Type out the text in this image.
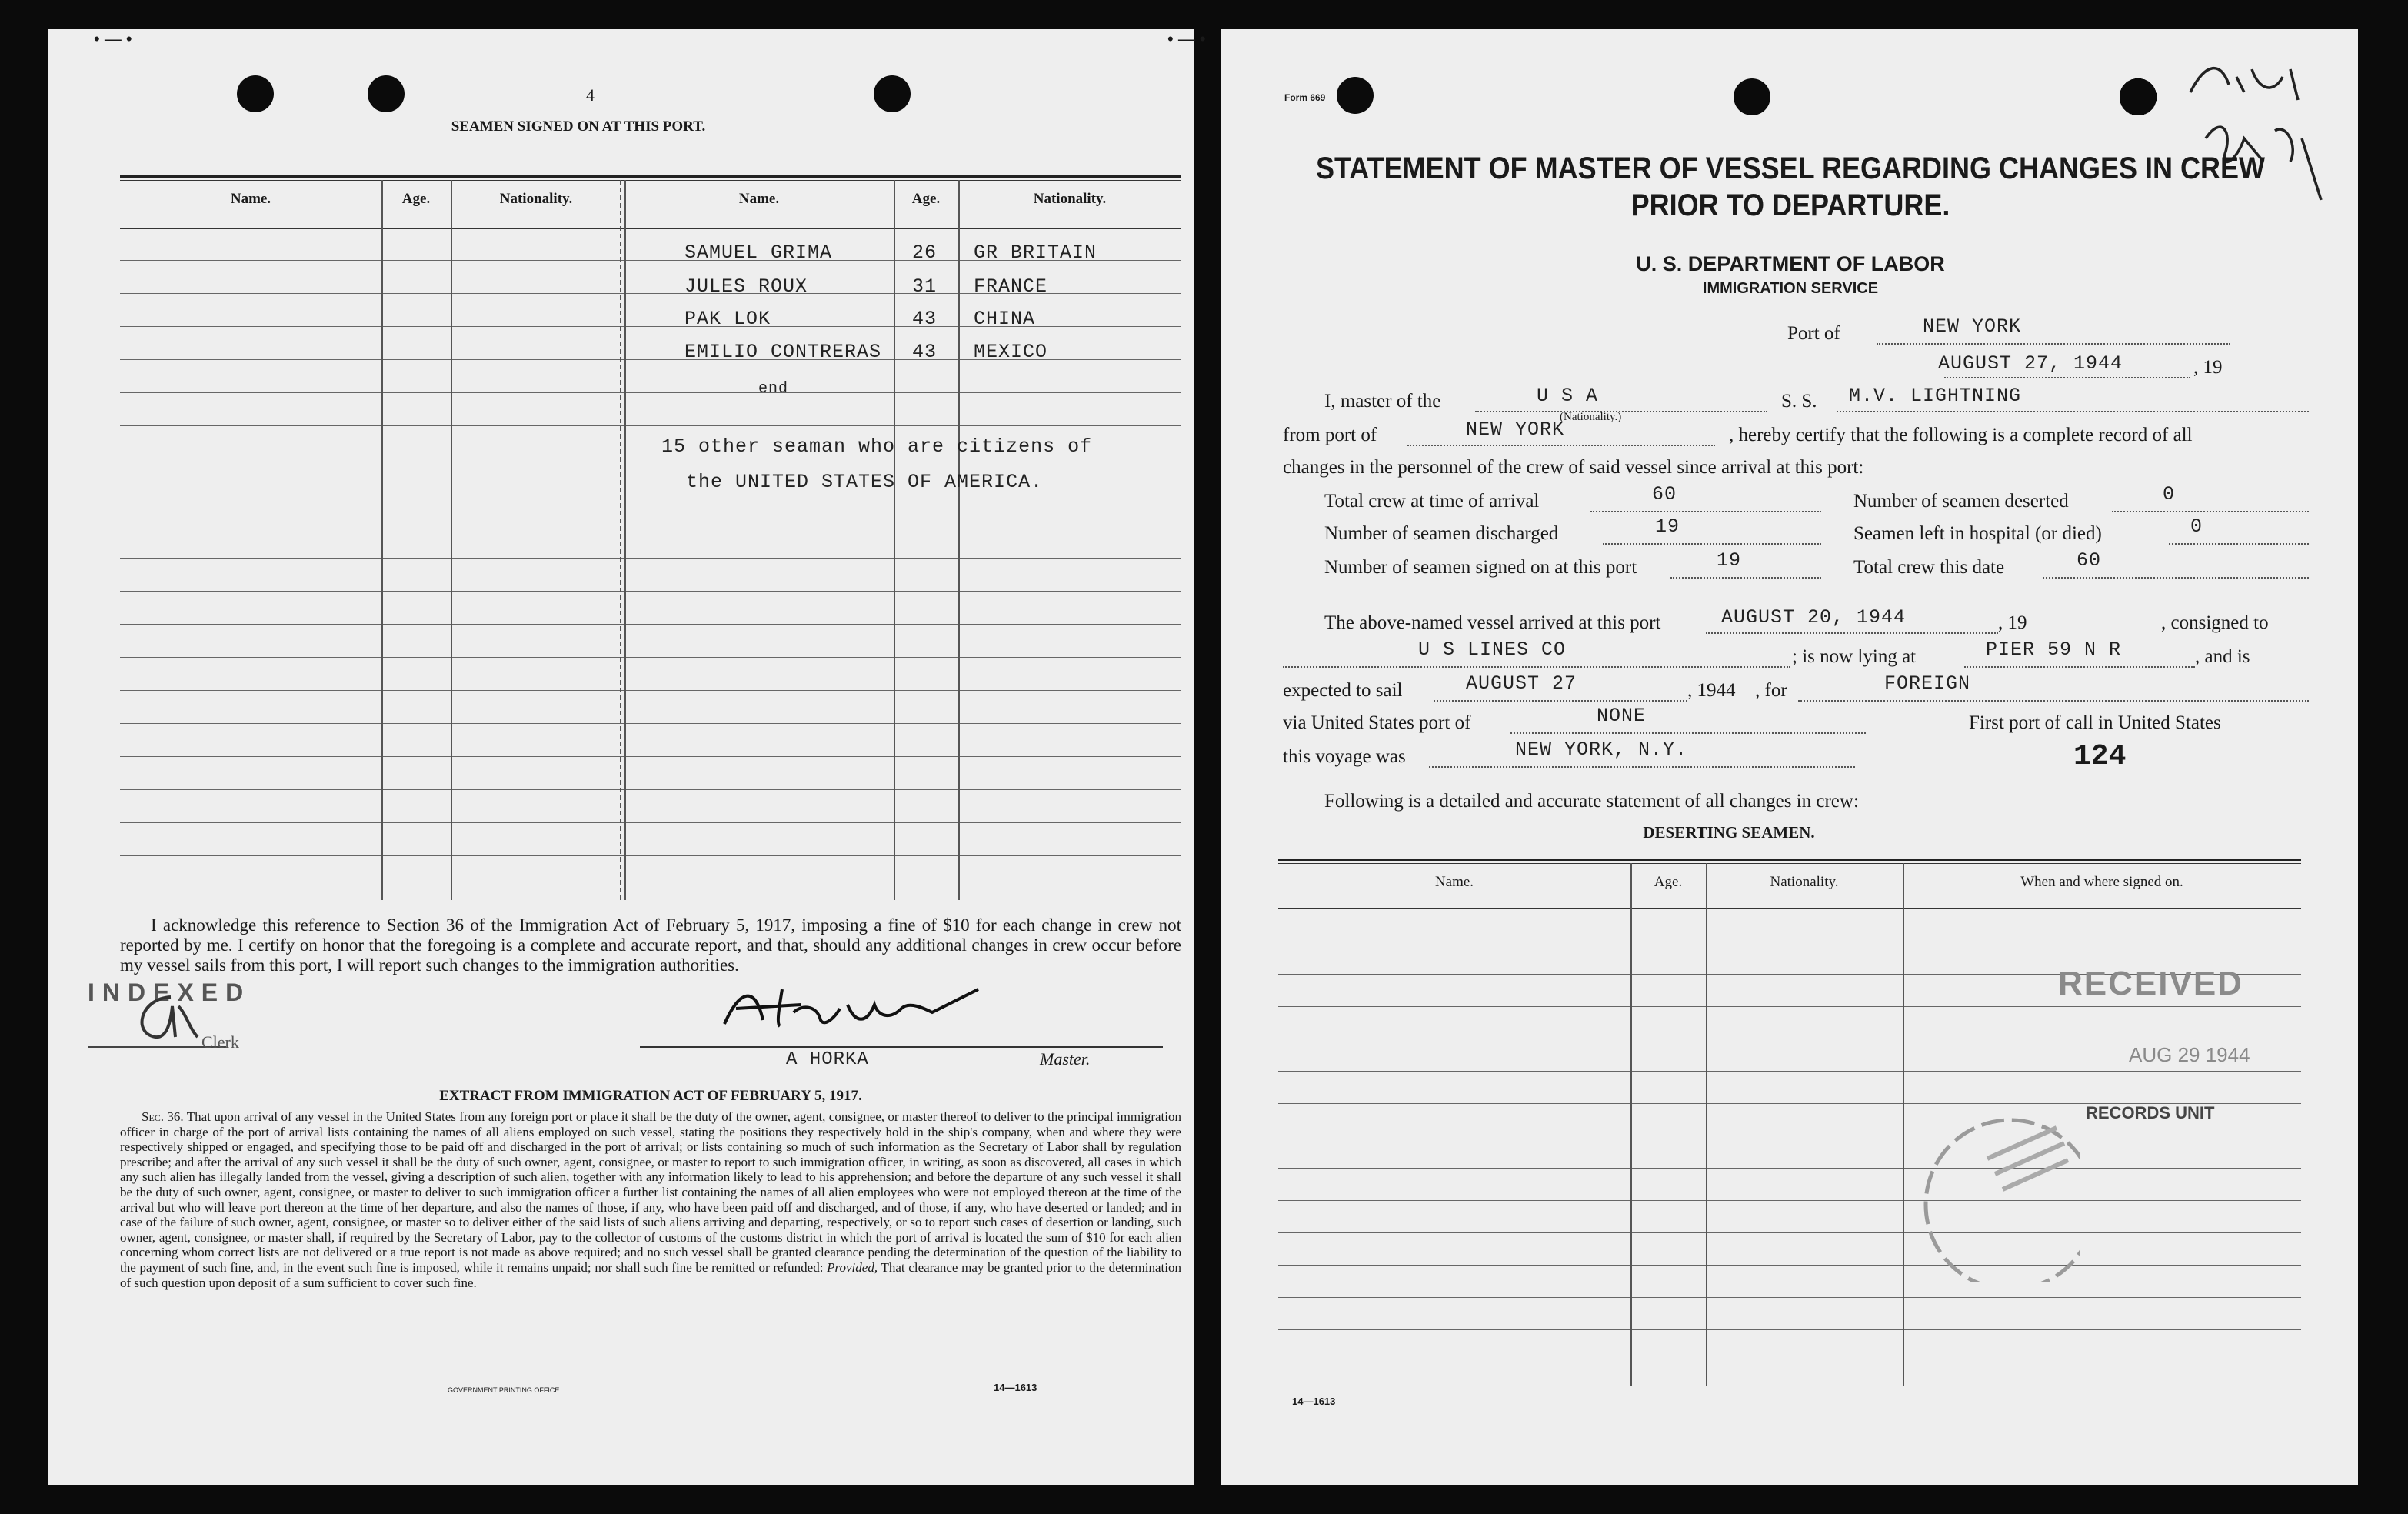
• — •
4
SEAMEN SIGNED ON AT THIS PORT.
Name.	Age.	Nationality.	Name.	Age.	Nationality.
SAMUEL GRIMA	26 GR BRITAIN
JULES ROUX	31 FRANCE
PAK LOK	43 CHINA
EMILIO CONTRERAS 43 MEXICO
end
15 other seaman who are citizens of
the UNITED STATES OF AMERICA.
I acknowledge this reference to Section 36 of the Immigration Act of February 5, 1917, imposing a fine of $10 for each change in crew not reported by me. I certify on honor that the foregoing is a complete and accurate report, and that, should any additional changes in crew occur before my vessel sails from this port, I will report such changes to the immigration authorities.
INDEXED
Clerk
A HORKA	Master.
EXTRACT FROM IMMIGRATION ACT OF FEBRUARY 5, 1917.
Sec. 36. That upon arrival of any vessel in the United States from any foreign port or place it shall be the duty of the owner, agent, consignee, or master thereof to deliver to the principal immigration officer in charge of the port of arrival lists containing the names of all aliens employed on such vessel, stating the positions they respectively hold in the ship's company, when and where they were respectively shipped or engaged, and specifying those to be paid off and discharged in the port of arrival; or lists containing so much of such information as the Secretary of Labor shall by regulation prescribe; and after the arrival of any such vessel it shall be the duty of such owner, agent, consignee, or master to report to such immigration officer, in writing, as soon as discovered, all cases in which any such alien has illegally landed from the vessel, giving a description of such alien, together with any information likely to lead to his apprehension; and before the departure of any such vessel it shall be the duty of such owner, agent, consignee, or master to deliver to such immigration officer a further list containing the names of all alien employees who were not employed thereon at the time of the arrival but who will leave port thereon at the time of her departure, and also the names of those, if any, who have been paid off and discharged, and of those, if any, who have deserted or landed; and in case of the failure of such owner, agent, consignee, or master so to deliver either of the said lists of such aliens arriving and departing, respectively, or so to report such cases of desertion or landing, such owner, agent, consignee, or master shall, if required by the Secretary of Labor, pay to the collector of customs of the customs district in which the port of arrival is located the sum of $10 for each alien concerning whom correct lists are not delivered or a true report is not made as above required; and no such vessel shall be granted clearance pending the determination of the question of the liability to the payment of such fine, and, in the event such fine is imposed, while it remains unpaid; nor shall such fine be remitted or refunded: Provided, That clearance may be granted prior to the determination of such question upon deposit of a sum sufficient to cover such fine.
GOVERNMENT PRINTING OFFICE	14—1613
• — •
Form 669
STATEMENT OF MASTER OF VESSEL REGARDING CHANGES IN CREW
PRIOR TO DEPARTURE.
U. S. DEPARTMENT OF LABOR
IMMIGRATION SERVICE
Port of	NEW YORK
AUGUST 27, 1944	, 19
I, master of the	U S A
(Nationality.)
S. S. M.V. LIGHTNING
from port of	NEW YORK	, hereby certify that the following is a complete record of all
changes in the personnel of the crew of said vessel since arrival at this port:
Total crew at time of arrival	60	Number of seamen deserted	0
Number of seamen discharged	19	Seamen left in hospital (or died)	0
Number of seamen signed on at this port	19	Total crew this date	60
The above-named vessel arrived at this port	AUGUST 20, 1944	, 19	, consigned to
U S LINES CO	; is now lying at	PIER 59 N R	, and is
expected to sail	AUGUST 27	, 1944 , for	FOREIGN
via United States port of	NONE	First port of call in United States
this voyage was	NEW YORK, N.Y.	124
Following is a detailed and accurate statement of all changes in crew:
DESERTING SEAMEN.
Name.	Age.	Nationality.	When and where signed on.
RECEIVED
AUG 29 1944
RECORDS UNIT
14—1613
